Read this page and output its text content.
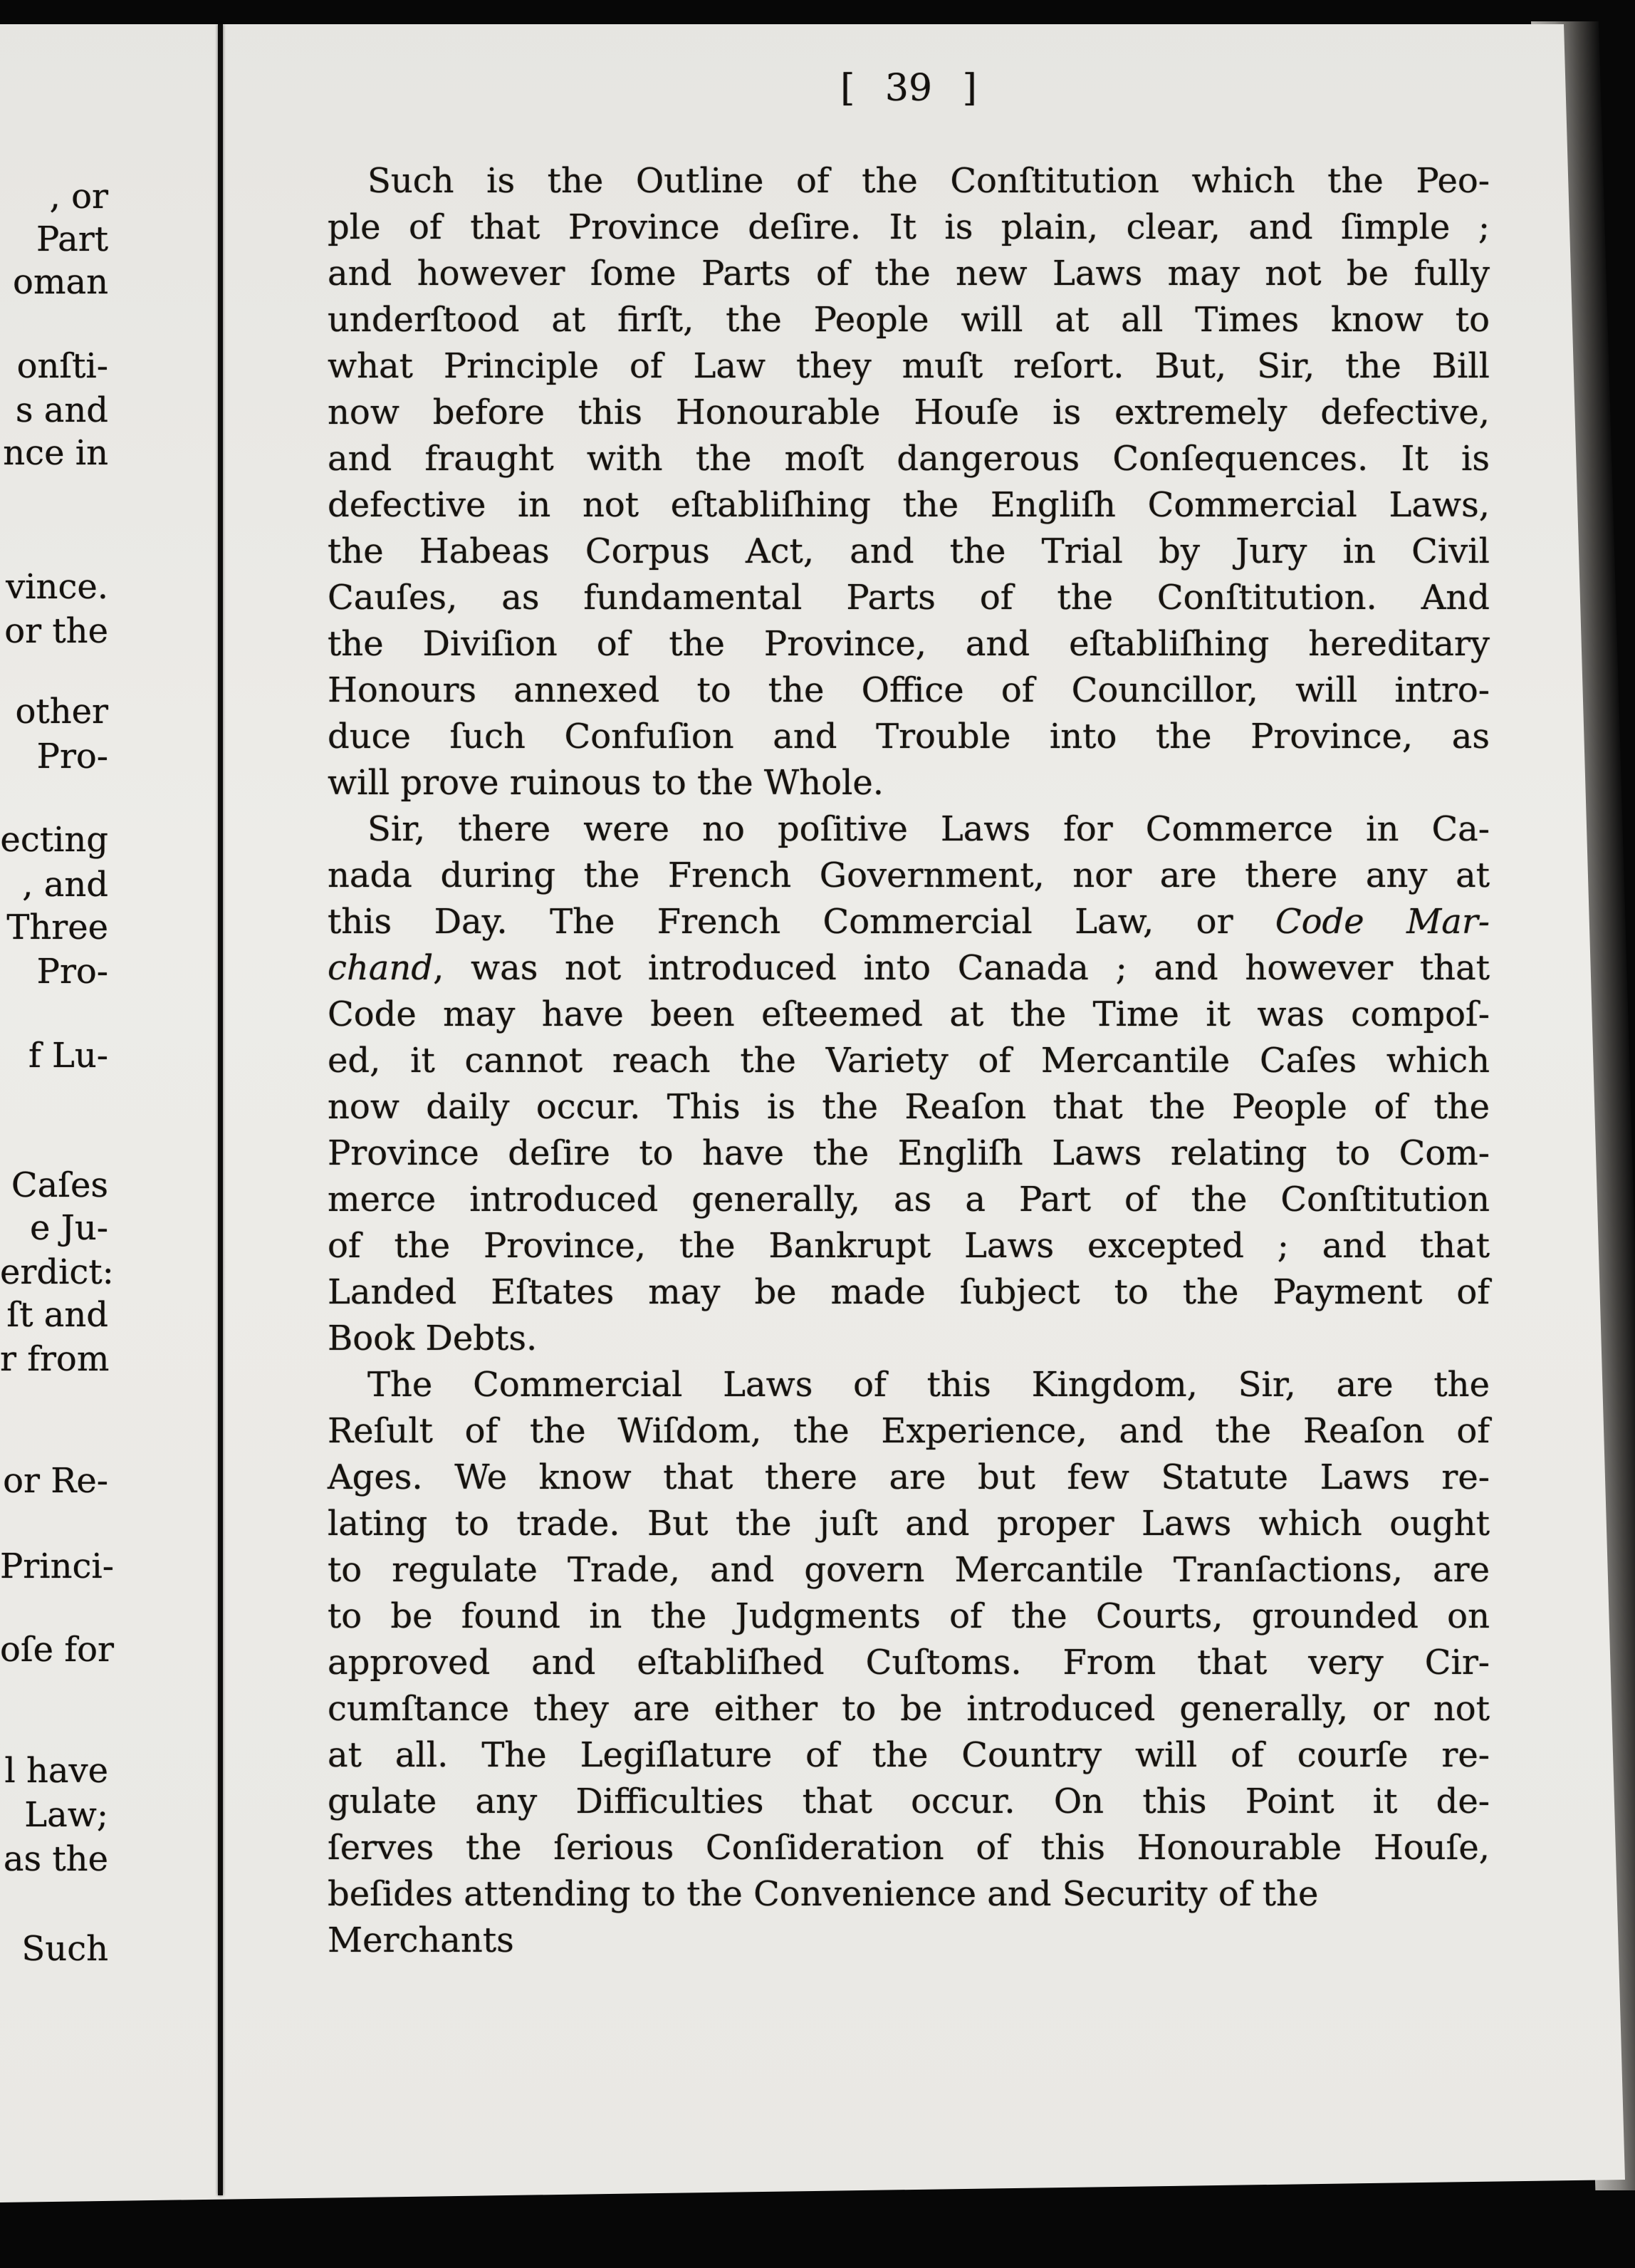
, or
Part
oman
onſti-
s and
nce in
vince.
or the
other
Pro-
ecting
, and
Three
Pro-
f Lu-
Caſes
e Ju-
erdict:
ſt and
r from
or Re-
Princi-
oſe for
l have
Law;
as the
Such
[ 39 ]
Such is the Outline of the Conſtitution which the Peo-
ple of that Province deſire. It is plain, clear, and ſimple ;
and however ſome Parts of the new Laws may not be fully
underſtood at firſt, the People will at all Times know to
what Principle of Law they muſt reſort. But, Sir, the Bill
now before this Honourable Houſe is extremely defective,
and fraught with the moſt dangerous Conſequences. It is
defective in not eſtabliſhing the Engliſh Commercial Laws,
the Habeas Corpus Act, and the Trial by Jury in Civil
Cauſes, as fundamental Parts of the Conſtitution. And
the Diviſion of the Province, and eſtabliſhing hereditary
Honours annexed to the Office of Councillor, will intro-
duce ſuch Confuſion and Trouble into the Province, as
will prove ruinous to the Whole.
Sir, there were no poſitive Laws for Commerce in Ca-
nada during the French Government, nor are there any at
this Day. The French Commercial Law, or Code Mar-
chand, was not introduced into Canada ; and however that
Code may have been eſteemed at the Time it was compoſ-
ed, it cannot reach the Variety of Mercantile Caſes which
now daily occur. This is the Reaſon that the People of the
Province deſire to have the Engliſh Laws relating to Com-
merce introduced generally, as a Part of the Conſtitution
of the Province, the Bankrupt Laws excepted ; and that
Landed Eſtates may be made ſubject to the Payment of
Book Debts.
The Commercial Laws of this Kingdom, Sir, are the
Reſult of the Wiſdom, the Experience, and the Reaſon of
Ages. We know that there are but few Statute Laws re-
lating to trade. But the juſt and proper Laws which ought
to regulate Trade, and govern Mercantile Tranſactions, are
to be found in the Judgments of the Courts, grounded on
approved and eſtabliſhed Cuſtoms. From that very Cir-
cumſtance they are either to be introduced generally, or not
at all. The Legiſlature of the Country will of courſe re-
gulate any Difficulties that occur. On this Point it de-
ſerves the ſerious Conſideration of this Honourable Houſe,
beſides attending to the Convenience and Security of the
Merchants
